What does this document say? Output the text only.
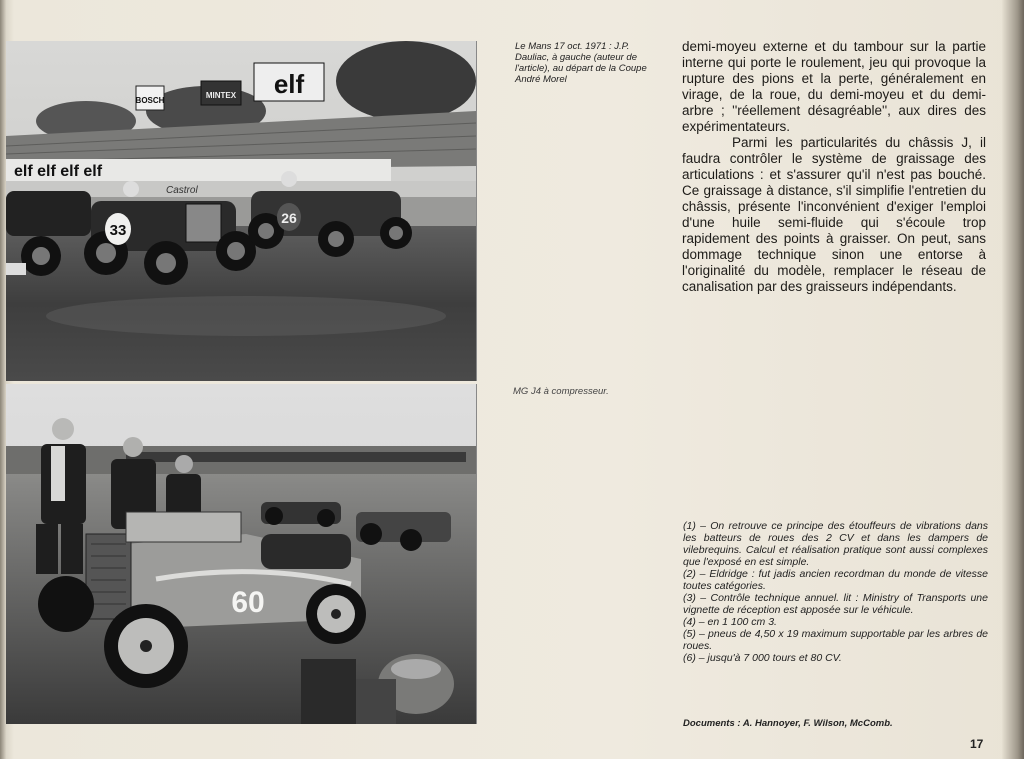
BOSCH
MINTEX elf
elf elf elf elf
Castrol
33
26
60
Le Mans 17 oct. 1971 : J.P. Dauliac, à gauche (auteur de l'article), au départ de la Coupe André Morel
MG J4 à compresseur.

demi-moyeu externe et du tambour sur la partie interne qui porte le roulement, jeu qui provoque la rupture des pions et la perte, généralement en virage, de la roue, du demi-moyeu et du demi-arbre ; ''réellement désagréable'', aux dires des expérimentateurs.

Parmi les particularités du châssis J, il faudra contrôler le système de graissage des articulations : et s'assurer qu'il n'est pas bouché. Ce graissage à distance, s'il simplifie l'entretien du châssis, présente l'inconvénient d'exiger l'emploi d'une huile semi-fluide qui s'écoule trop rapidement des points à graisser. On peut, sans dommage technique sinon une entorse à l'originalité du modèle, remplacer le réseau de canalisation par des graisseurs indépendants.

(1) – On retrouve ce principe des étouffeurs de vibrations dans les batteurs de roues des 2 CV et dans les dampers de vilebrequins. Calcul et réalisation pratique sont aussi complexes que l'exposé en est simple.

(2) – Eldridge : fut jadis ancien recordman du monde de vitesse toutes catégories.

(3) – Contrôle technique annuel. lit : Ministry of Transports une vignette de réception est apposée sur le véhicule.

(4) – en 1 100 cm 3.

(5) – pneus de 4,50 x 19 maximum supportable par les arbres de roues.

(6) – jusqu'à 7 000 tours et 80 CV.

Documents : A. Hannoyer, F. Wilson, McComb.
17
